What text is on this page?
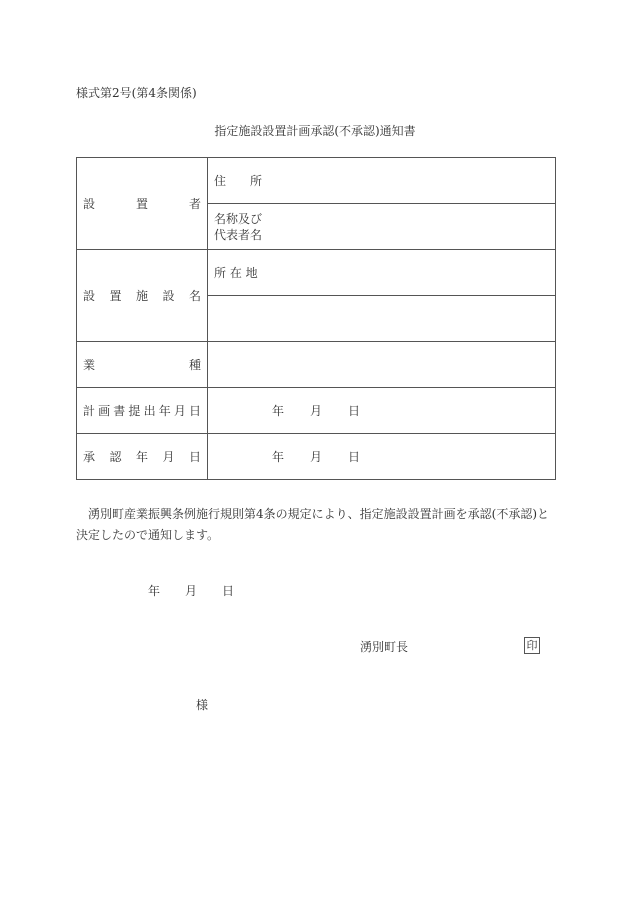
様式第2号(第4条関係)
指定施設設置計画承認(不承認)通知書
設 置 者	住　　所

	名称及び
代表者名

設 置 施 設 名	所 在 地

業 種	

計 画 書 提 出 年 月 日	年 月 日

承 認 年 月 日	年 月 日
湧別町産業振興条例施行規則第4条の規定により、指定施設設置計画を承認(不承認)と決定したので通知します。
年 月 日
湧別町長	印
様
